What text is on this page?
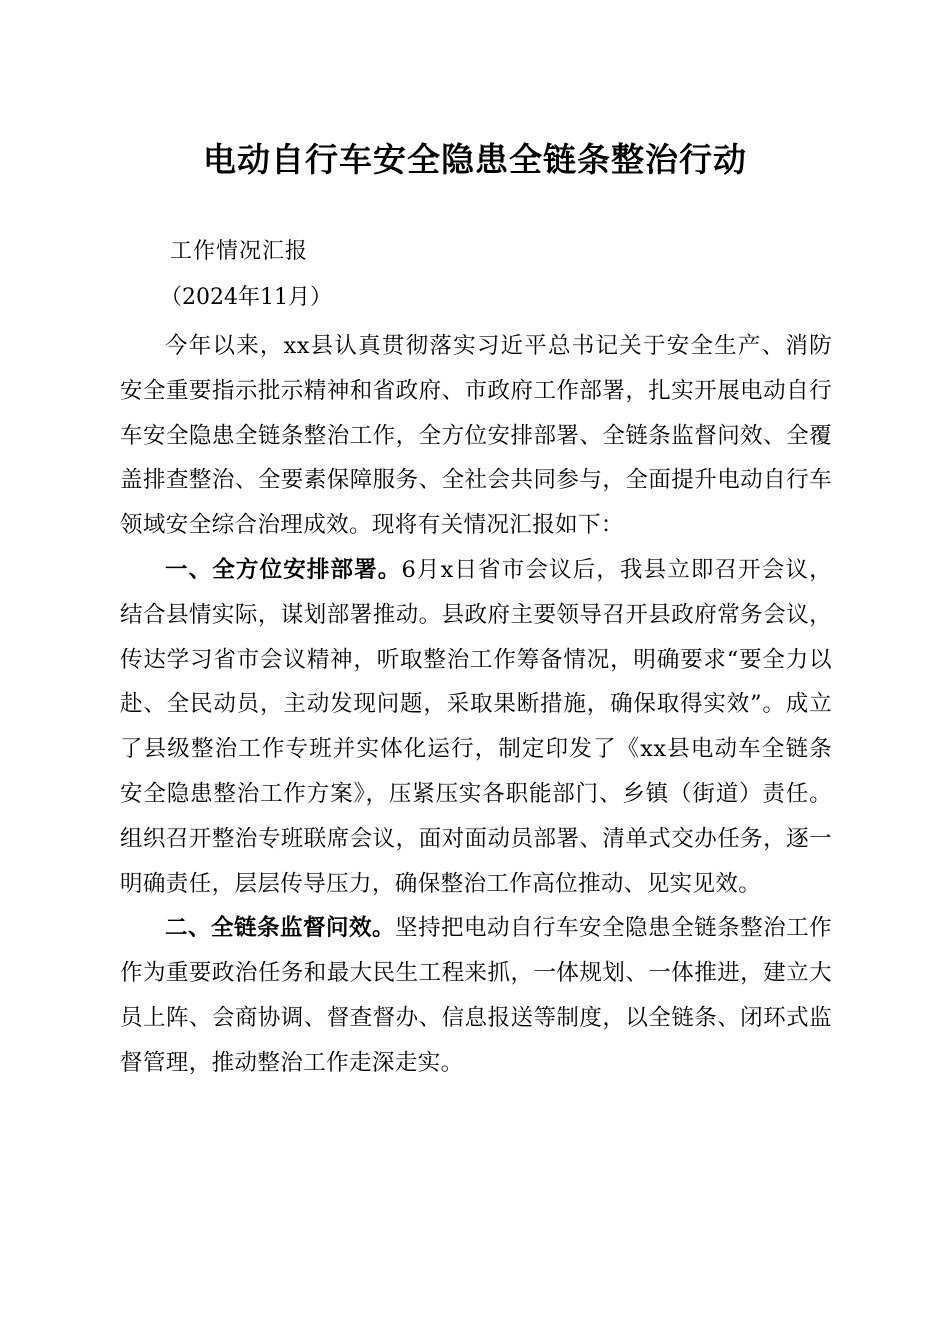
电动自行车安全隐患全链条整治行动

工作情况汇报

（2024年11月）

今年以来，xx县认真贯彻落实习近平总书记关于安全生产、消防安全重要指示批示精神和省政府、市政府工作部署，扎实开展电动自行车安全隐患全链条整治工作，全方位安排部署、全链条监督问效、全覆盖排查整治、全要素保障服务、全社会共同参与，全面提升电动自行车领域安全综合治理成效。现将有关情况汇报如下：

一、全方位安排部署。6月x日省市会议后，我县立即召开会议，结合县情实际，谋划部署推动。县政府主要领导召开县政府常务会议，传达学习省市会议精神，听取整治工作筹备情况，明确要求“要全力以赴、全民动员，主动发现问题，采取果断措施，确保取得实效”。成立了县级整治工作专班并实体化运行，制定印发了《xx县电动车全链条安全隐患整治工作方案》，压紧压实各职能部门、乡镇（街道）责任。组织召开整治专班联席会议，面对面动员部署、清单式交办任务，逐一明确责任，层层传导压力，确保整治工作高位推动、见实见效。

二、全链条监督问效。坚持把电动自行车安全隐患全链条整治工作作为重要政治任务和最大民生工程来抓，一体规划、一体推进，建立大员上阵、会商协调、督查督办、信息报送等制度，以全链条、闭环式监督管理，推动整治工作走深走实。
